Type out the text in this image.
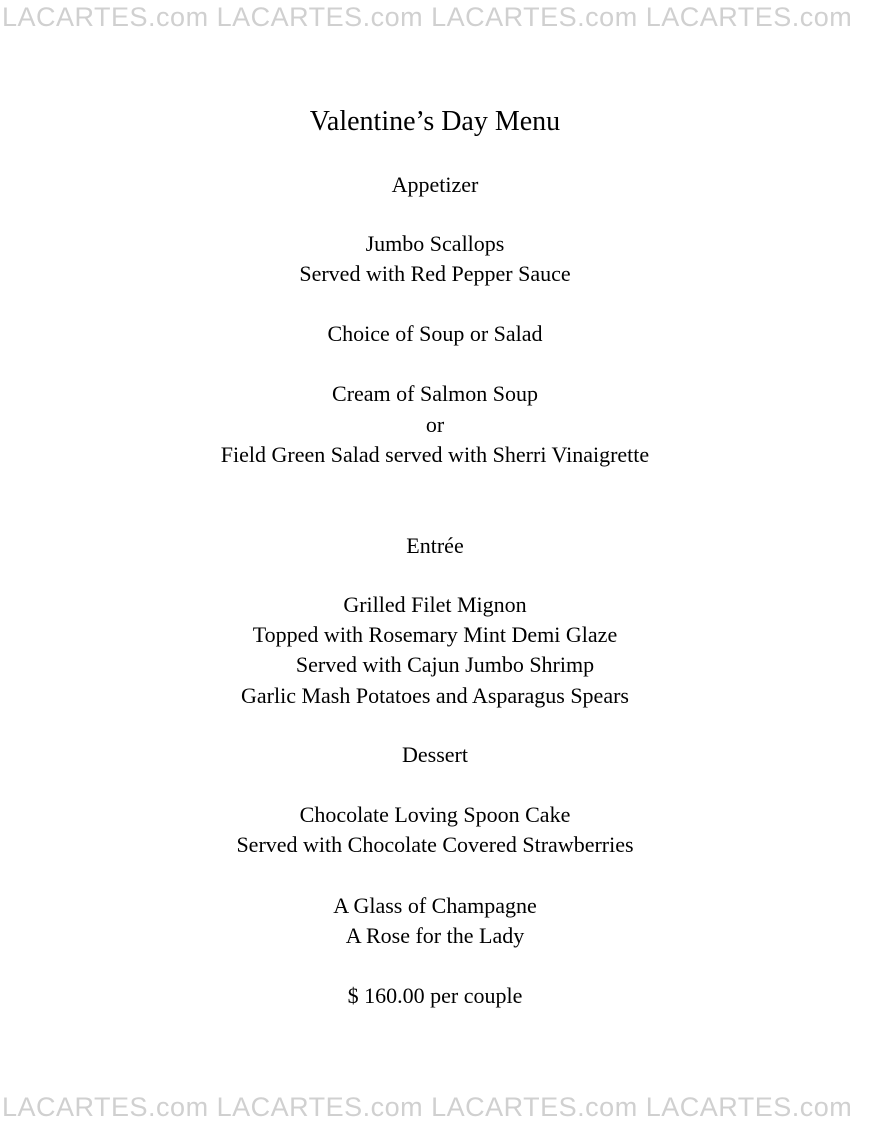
LACARTES.com LACARTES.com LACARTES.com LACARTES.com
Valentine’s Day Menu
Appetizer
Jumbo Scallops
Served with Red Pepper Sauce
Choice of Soup or Salad
Cream of Salmon Soup
or
Field Green Salad served with Sherri Vinaigrette
Entrée
Grilled Filet Mignon
Topped with Rosemary Mint Demi Glaze
Served with Cajun Jumbo Shrimp
Garlic Mash Potatoes and Asparagus Spears
Dessert
Chocolate Loving Spoon Cake
Served with Chocolate Covered Strawberries
A Glass of Champagne
A Rose for the Lady
$ 160.00 per couple
LACARTES.com LACARTES.com LACARTES.com LACARTES.com
